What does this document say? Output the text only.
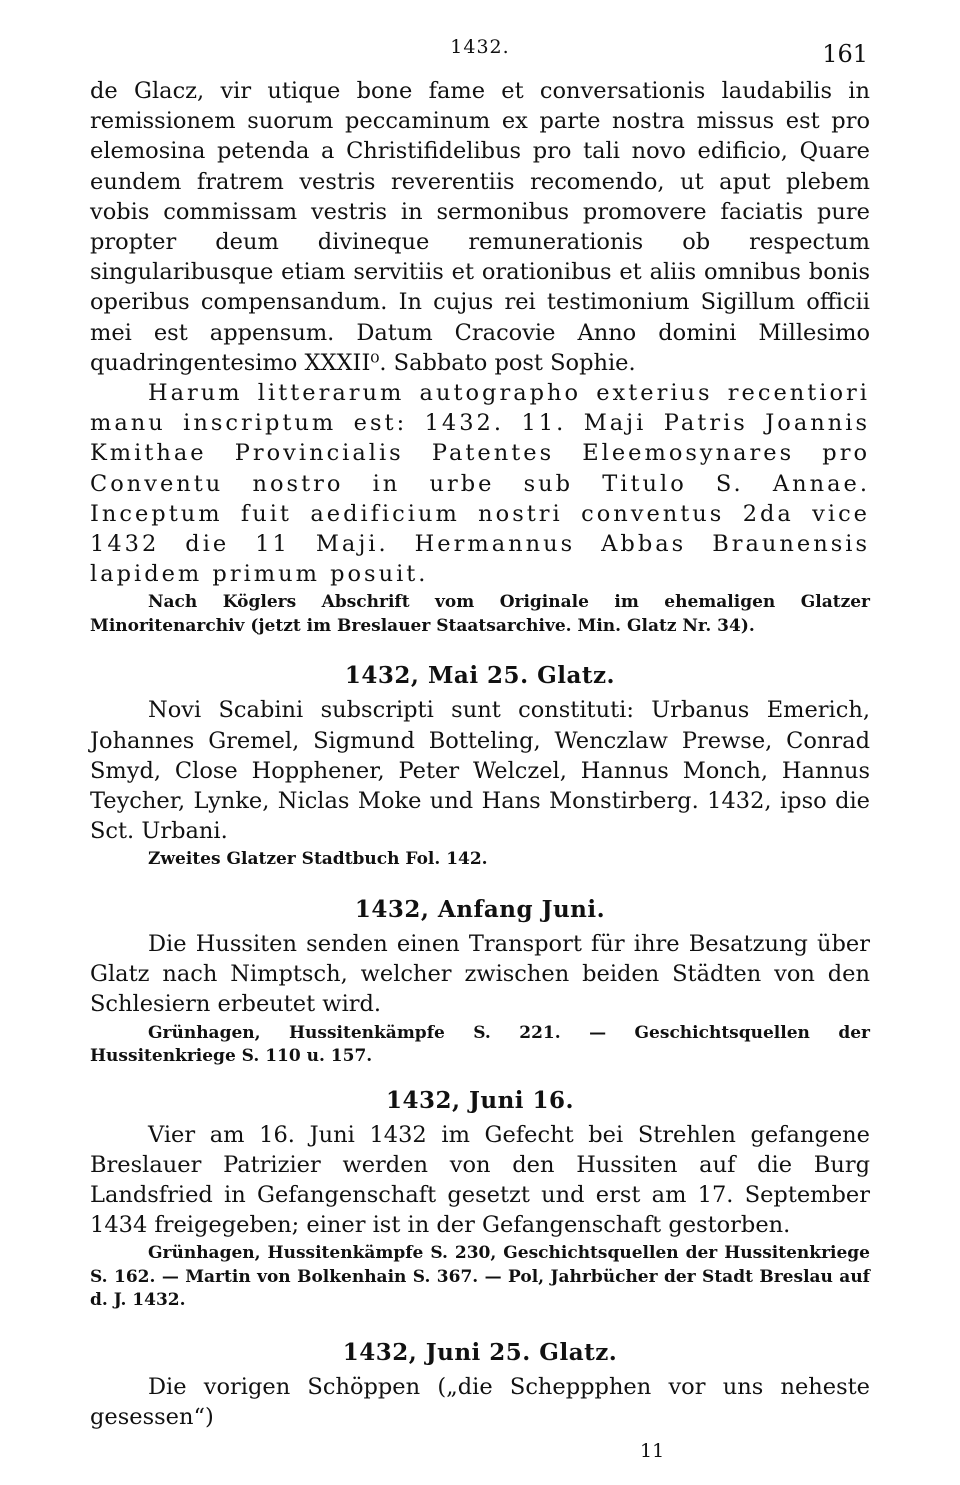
1432.	161

de Glacz, vir utique bone fame et conversationis laudabilis in remissionem suorum peccaminum ex parte nostra missus est pro elemosina petenda a Christifidelibus pro tali novo edificio, Quare eundem fratrem vestris reverentiis recomendo, ut aput plebem vobis commissam vestris in sermonibus promovere faciatis pure propter deum divineque remunerationis ob respectum singularibusque etiam servitiis et orationibus et aliis omnibus bonis operibus compensandum. In cujus rei testimonium Sigillum officii mei est appensum. Datum Cracovie Anno domini Millesimo quadringentesimo XXXII⁰. Sabbato post Sophie.

Harum litterarum autographo exterius recentiori manu inscriptum est: 1432. 11. Maji Patris Joannis Kmithae Provincialis Patentes Eleemosynares pro Conventu nostro in urbe sub Titulo S. Annae. Inceptum fuit aedificium nostri conventus 2da vice 1432 die 11 Maji. Hermannus Abbas Braunensis lapidem primum posuit.

Nach Köglers Abschrift vom Originale im ehemaligen Glatzer Minoritenarchiv (jetzt im Breslauer Staatsarchive. Min. Glatz Nr. 34).

1432, Mai 25. Glatz.

Novi Scabini subscripti sunt constituti: Urbanus Emerich, Johannes Gremel, Sigmund Botteling, Wenczlaw Prewse, Conrad Smyd, Close Hopphener, Peter Welczel, Hannus Monch, Hannus Teycher, Lynke, Niclas Moke und Hans Monstirberg. 1432, ipso die Sct. Urbani.

Zweites Glatzer Stadtbuch Fol. 142.

1432, Anfang Juni.

Die Hussiten senden einen Transport für ihre Besatzung über Glatz nach Nimptsch, welcher zwischen beiden Städten von den Schlesiern erbeutet wird.

Grünhagen, Hussitenkämpfe S. 221. — Geschichtsquellen der Hussitenkriege S. 110 u. 157.

1432, Juni 16.

Vier am 16. Juni 1432 im Gefecht bei Strehlen gefangene Breslauer Patrizier werden von den Hussiten auf die Burg Landsfried in Gefangenschaft gesetzt und erst am 17. September 1434 freigegeben; einer ist in der Gefangenschaft gestorben.

Grünhagen, Hussitenkämpfe S. 230, Geschichtsquellen der Hussitenkriege S. 162. — Martin von Bolkenhain S. 367. — Pol, Jahrbücher der Stadt Breslau auf d. J. 1432.

1432, Juni 25. Glatz.

Die vorigen Schöppen („die Scheppphen vor uns neheste gesessen“)

11
